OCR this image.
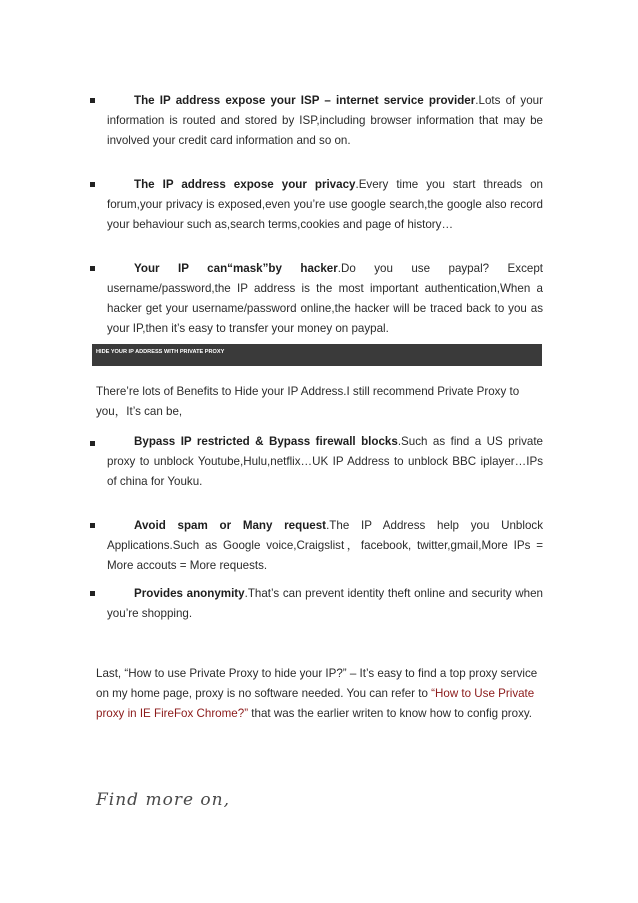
The IP address expose your ISP – internet service provider.Lots of your information is routed and stored by ISP,including browser information that may be involved your credit card information and so on.
The IP address expose your privacy.Every time you start threads on forum,your privacy is exposed,even you’re use google search,the google also record your behaviour such as,search terms,cookies and page of history…
Your IP can“mask”by hacker.Do you use paypal? Except username/password,the IP address is the most important authentication,When a hacker get your username/password online,the hacker will be traced back to you as your IP,then it’s easy to transfer your money on paypal.
HIDE YOUR IP ADDRESS WITH PRIVATE PROXY
There’re lots of Benefits to Hide your IP Address.I still recommend Private Proxy to you，It’s can be,
Bypass IP restricted & Bypass firewall blocks.Such as find a US private proxy to unblock Youtube,Hulu,netflix…UK IP Address to unblock BBC iplayer…IPs of china for Youku.
Avoid spam or Many request.The IP Address help you Unblock Applications.Such as Google voice,Craigslist，facebook, twitter,gmail,More IPs = More accouts = More requests.
Provides anonymity.That’s can prevent identity theft online and security when you’re shopping.
Last, “How to use Private Proxy to hide your IP?” – It’s easy to find a top proxy service on my home page, proxy is no software needed. You can refer to “How to Use Private proxy in IE FireFox Chrome?” that was the earlier writen to know how to config proxy.
Find more on,
